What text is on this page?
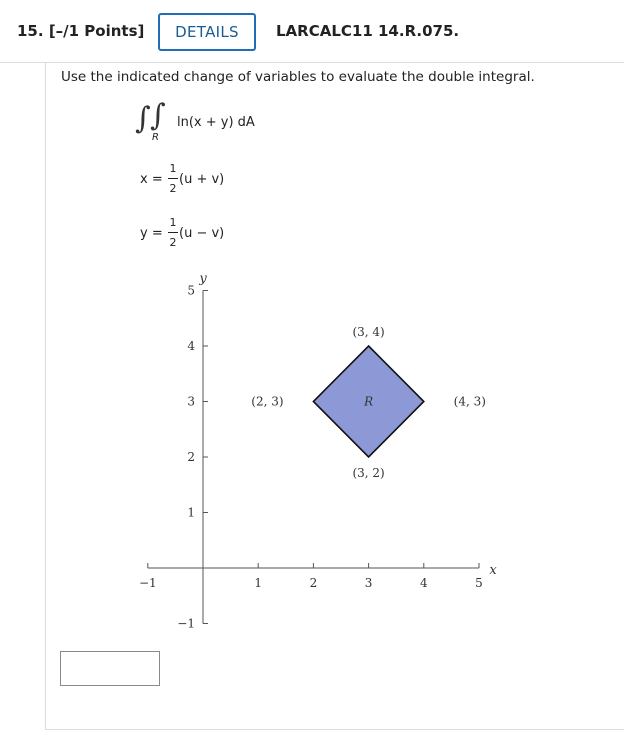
15. [–/1 Points]	DETAILS	LARCALC11 14.R.075.
Use the indicated change of variables to evaluate the double integral.
∫ ∫
R
ln(x + y) dA
x =
1
2
(u + v)
y =
1
2
(u − v)
−1	1	2	3	4	5
−1
1
2
3
4
5
x
y
R
(3, 4)
(4, 3)
(3, 2)
(2, 3)
